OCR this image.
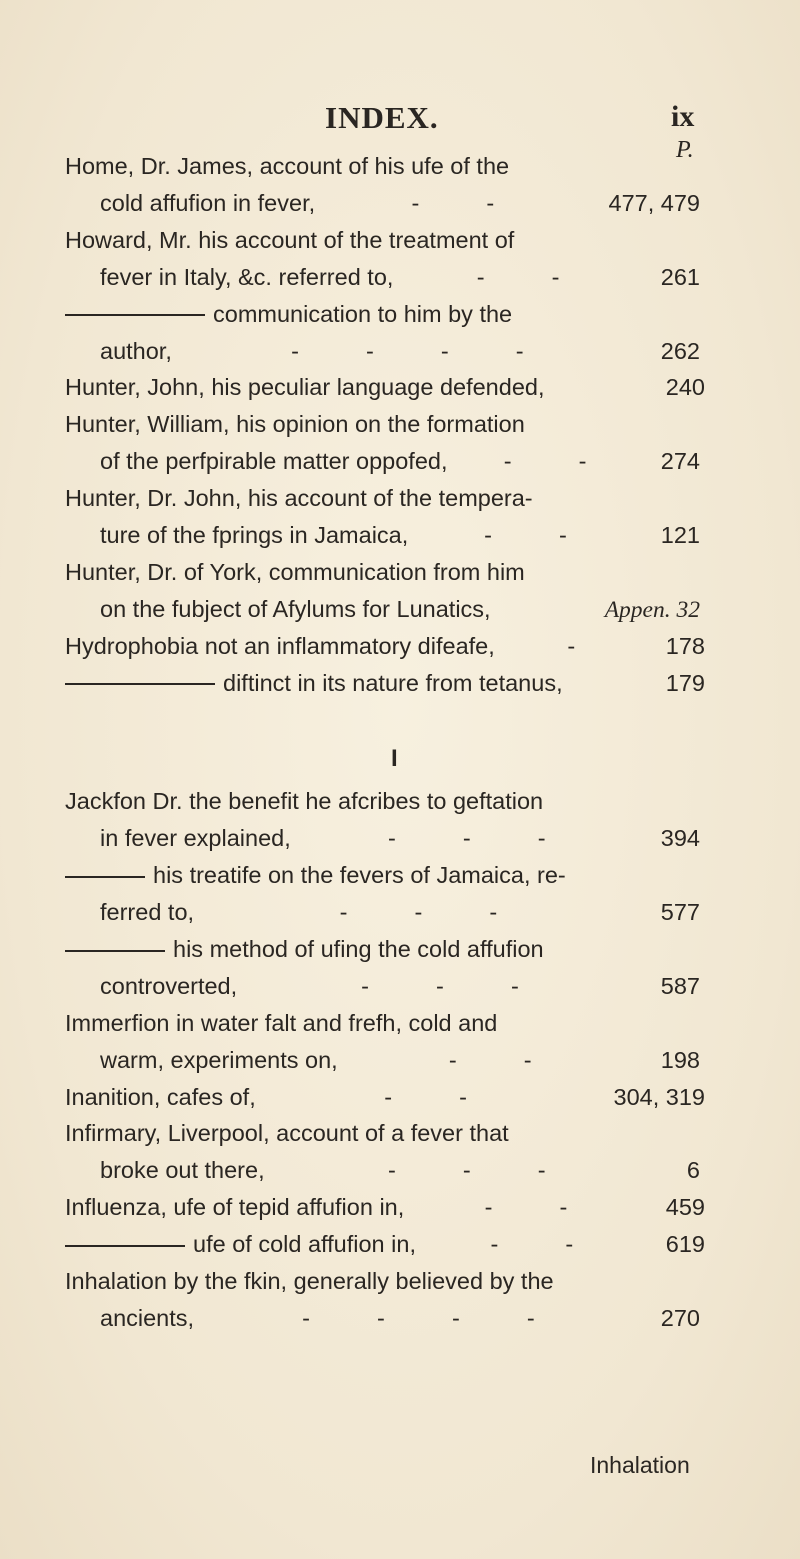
INDEX.	ix
P.
Home, Dr. James, account of his ufe of the
cold affufion in fever,	-  -	477, 479
Howard, Mr. his account of the treatment of
fever in Italy, &c. referred to,	-  -	261
communication to him by the
author,	-  -  -  -	262
Hunter, John, his peculiar language defended,	240
Hunter, William, his opinion on the formation
of the perfpirable matter oppofed, -  - 274
Hunter, Dr. John, his account of the tempera-
ture of the fprings in Jamaica,	-  -	121
Hunter, Dr. of York, communication from him
on the fubject of Afylums for Lunatics,	Appen. 32
Hydrophobia not an inflammatory difeafe,	-	178
diftinct in its nature from tetanus,	179
Jackfon Dr. the benefit he afcribes to geftation
in fever explained,	-  -  -	394
his treatife on the fevers of Jamaica, re-
ferred to,	-  -  -	577
his method of ufing the cold affufion
controverted,	-  -  -	587
Immerfion in water falt and frefh, cold and
warm, experiments on,	-  -	198
Inanition, cafes of,	-  -	304, 319
Infirmary, Liverpool, account of a fever that
broke out there,	-  -  -	6
Influenza, ufe of tepid affufion in,	-  -	459
ufe of cold affufion in,	-  -	619
Inhalation by the fkin, generally believed by the
ancients,	-  -  -  -	270
I
Inhalation
